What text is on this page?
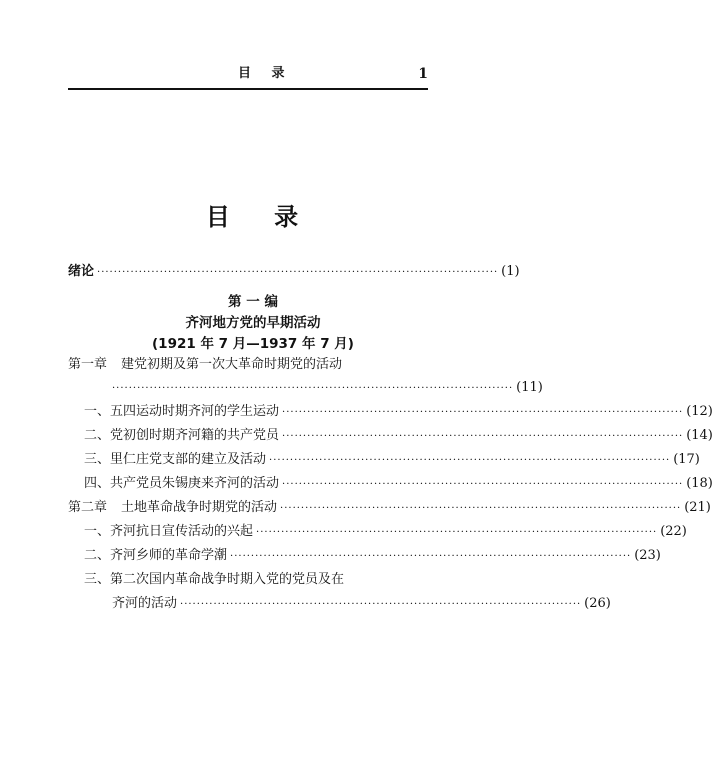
目 录	1
目 录
绪论 ································································································ (1)
第 一 编
齐河地方党的早期活动
(1921 年 7 月—1937 年 7 月)
第一章 建党初期及第一次大革命时期党的活动
································································································ (11)
一、 五四运动时期齐河的学生运动 ································································································ (12)
二、 党初创时期齐河籍的共产党员 ································································································ (14)
三、 里仁庄党支部的建立及活动 ································································································ (17)
四、 共产党员朱锡庚来齐河的活动 ································································································ (18)
第二章 土地革命战争时期党的活动 ································································································ (21)
一、 齐河抗日宣传活动的兴起 ································································································ (22)
二、 齐河乡师的革命学潮 ································································································ (23)
三、 第二次国内革命战争时期入党的党员及在
齐河的活动 ································································································ (26)
